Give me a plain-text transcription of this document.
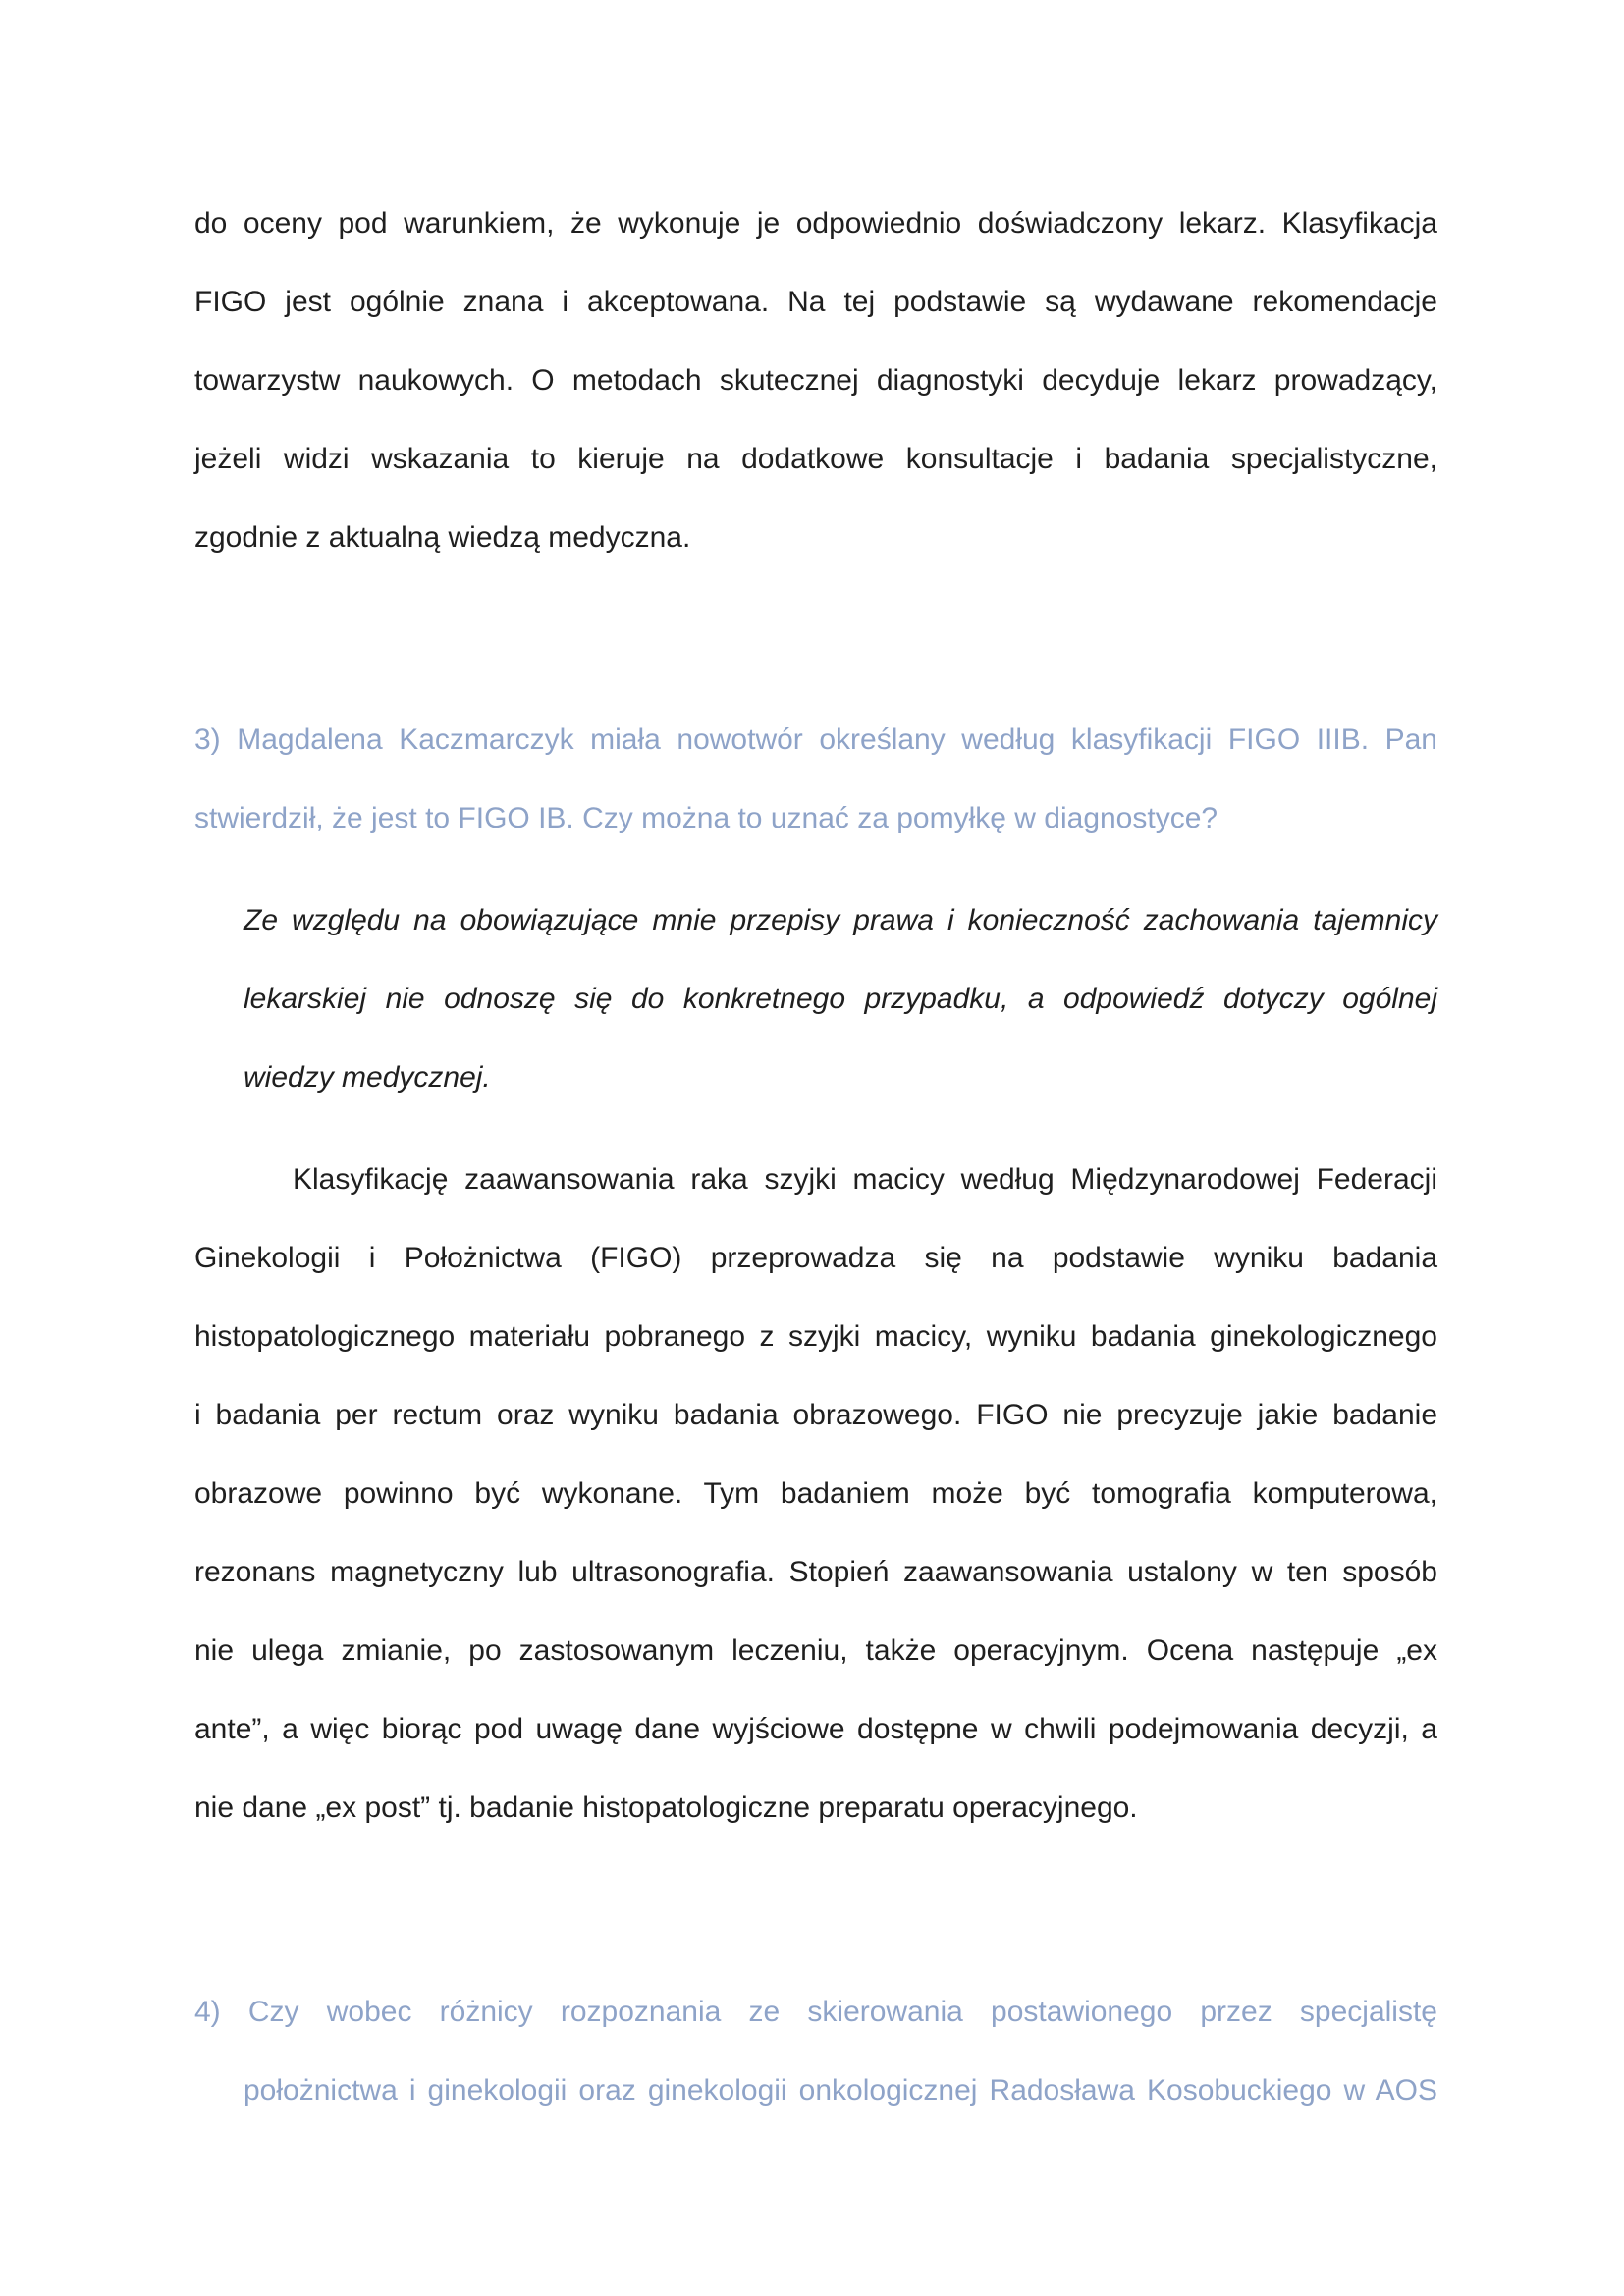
do oceny pod warunkiem, że wykonuje je odpowiednio doświadczony lekarz. Klasyfikacja
FIGO jest ogólnie znana i akceptowana. Na tej podstawie są wydawane rekomendacje
towarzystw naukowych. O metodach skutecznej diagnostyki decyduje lekarz prowadzący,
jeżeli widzi wskazania to kieruje na dodatkowe konsultacje i badania specjalistyczne,
zgodnie z aktualną wiedzą medyczna.
3) Magdalena Kaczmarczyk miała nowotwór określany według klasyfikacji FIGO IIIB. Pan
stwierdził, że jest to FIGO IB. Czy można to uznać za pomyłkę w diagnostyce?
Ze względu na obowiązujące mnie przepisy prawa i konieczność zachowania tajemnicy
lekarskiej nie odnoszę się do konkretnego przypadku, a odpowiedź dotyczy ogólnej
wiedzy medycznej.
Klasyfikację zaawansowania raka szyjki macicy według Międzynarodowej Federacji
Ginekologii i Położnictwa (FIGO) przeprowadza się na podstawie wyniku badania
histopatologicznego materiału pobranego z szyjki macicy, wyniku badania ginekologicznego
i badania per rectum oraz wyniku badania obrazowego. FIGO nie precyzuje jakie badanie
obrazowe powinno być wykonane. Tym badaniem może być tomografia komputerowa,
rezonans magnetyczny lub ultrasonografia. Stopień zaawansowania ustalony w ten sposób
nie ulega zmianie, po zastosowanym leczeniu, także operacyjnym. Ocena następuje „ex
ante”, a więc biorąc pod uwagę dane wyjściowe dostępne w chwili podejmowania decyzji, a
nie dane „ex post” tj. badanie histopatologiczne preparatu operacyjnego.
4) Czy wobec różnicy rozpoznania ze skierowania postawionego przez specjalistę
położnictwa i ginekologii oraz ginekologii onkologicznej Radosława Kosobuckiego w AOS
